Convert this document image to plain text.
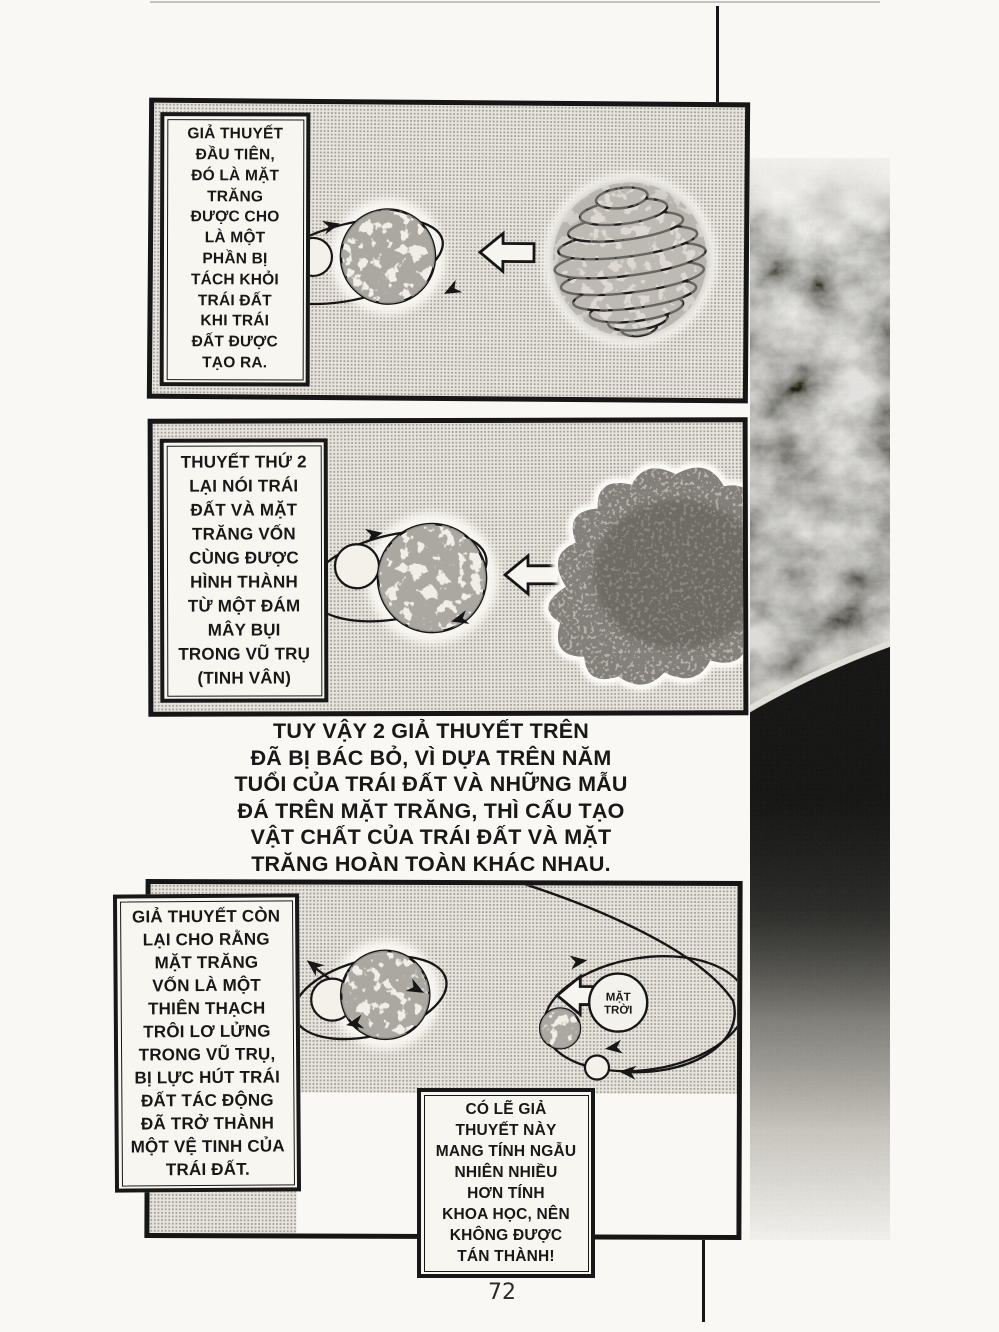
GIẢ THUYẾT
ĐẦU TIÊN,
ĐÓ LÀ MẶT
TRĂNG
ĐƯỢC CHO
LÀ MỘT
PHẦN BỊ
TÁCH KHỎI
TRÁI ĐẤT
KHI TRÁI
ĐẤT ĐƯỢC
TẠO RA.
THUYẾT THỨ 2
LẠI NÓI TRÁI
ĐẤT VÀ MẶT
TRĂNG VỐN
CÙNG ĐƯỢC
HÌNH THÀNH
TỪ MỘT ĐÁM
MÂY BỤI
TRONG VŨ TRỤ
(TINH VÂN)
TUY VẬY 2 GIẢ THUYẾT TRÊN
ĐÃ BỊ BÁC BỎ, VÌ DỰA TRÊN NĂM
TUỔI CỦA TRÁI ĐẤT VÀ NHỮNG MẪU
ĐÁ TRÊN MẶT TRĂNG, THÌ CẤU TẠO
VẬT CHẤT CỦA TRÁI ĐẤT VÀ MẶT
TRĂNG HOÀN TOÀN KHÁC NHAU.
MẶT
TRỜI
GIẢ THUYẾT CÒN
LẠI CHO RẰNG
MẶT TRĂNG
VỐN LÀ MỘT
THIÊN THẠCH
TRÔI LƠ LỬNG
TRONG VŨ TRỤ,
BỊ LỰC HÚT TRÁI
ĐẤT TÁC ĐỘNG
ĐÃ TRỞ THÀNH
MỘT VỆ TINH CỦA
TRÁI ĐẤT.
CÓ LẼ GIẢ
THUYẾT NÀY
MANG TÍNH NGẪU
NHIÊN NHIỀU
HƠN TÍNH
KHOA HỌC, NÊN
KHÔNG ĐƯỢC
TÁN THÀNH!
72
